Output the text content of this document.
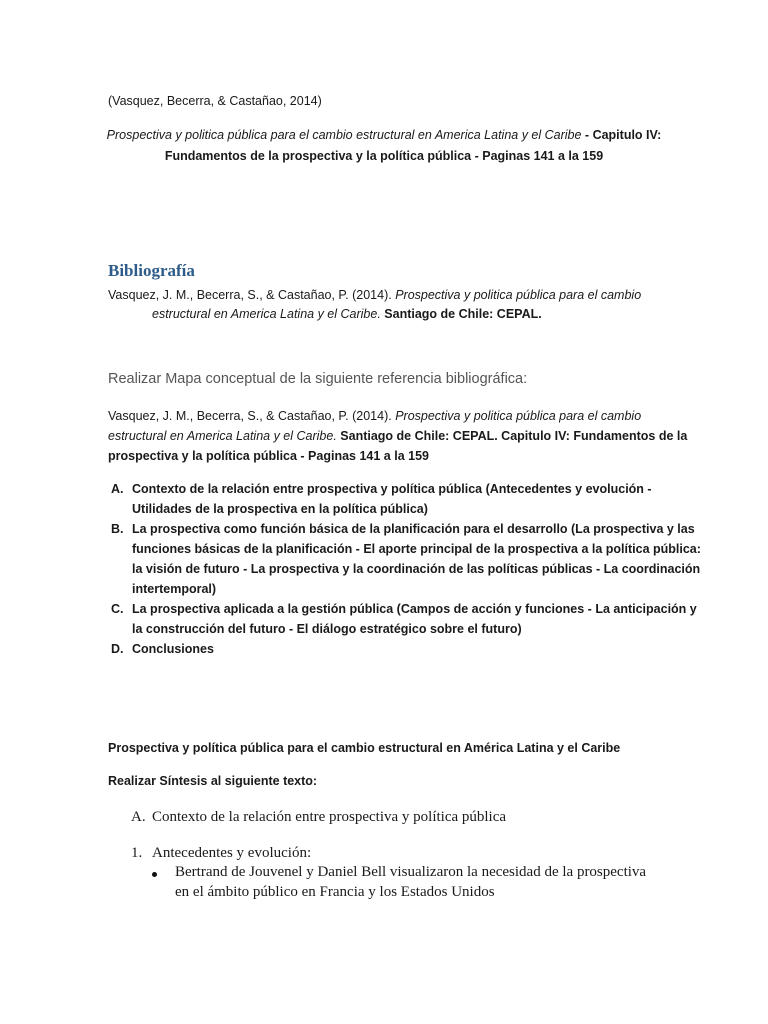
(Vasquez, Becerra, & Castañao, 2014)
Prospectiva y politica pública para el cambio estructural en America Latina y el Caribe - Capitulo IV:
Fundamentos de la prospectiva y la política pública - Paginas 141 a la 159
Bibliografía
Vasquez, J. M., Becerra, S., & Castañao, P. (2014). Prospectiva y politica pública para el cambio
estructural en America Latina y el Caribe. Santiago de Chile: CEPAL.
Realizar Mapa conceptual de la siguiente referencia bibliográfica:
Vasquez, J. M., Becerra, S., & Castañao, P. (2014). Prospectiva y politica pública para el cambio
estructural en America Latina y el Caribe. Santiago de Chile: CEPAL. Capitulo IV: Fundamentos de la
prospectiva y la política pública - Paginas 141 a la 159
A. Contexto de la relación entre prospectiva y política pública (Antecedentes y evolución -
Utilidades de la prospectiva en la política pública)
B. La prospectiva como función básica de la planificación para el desarrollo (La prospectiva y las
funciones básicas de la planificación - El aporte principal de la prospectiva a la política pública:
la visión de futuro - La prospectiva y la coordinación de las políticas públicas - La coordinación
intertemporal)
C. La prospectiva aplicada a la gestión pública (Campos de acción y funciones - La anticipación y
la construcción del futuro - El diálogo estratégico sobre el futuro)
D. Conclusiones
Prospectiva y política pública para el cambio estructural en América Latina y el Caribe
Realizar Síntesis al siguiente texto:
A. Contexto de la relación entre prospectiva y política pública
1. Antecedentes y evolución:
Bertrand de Jouvenel y Daniel Bell visualizaron la necesidad de la prospectiva
en el ámbito público en Francia y los Estados Unidos
